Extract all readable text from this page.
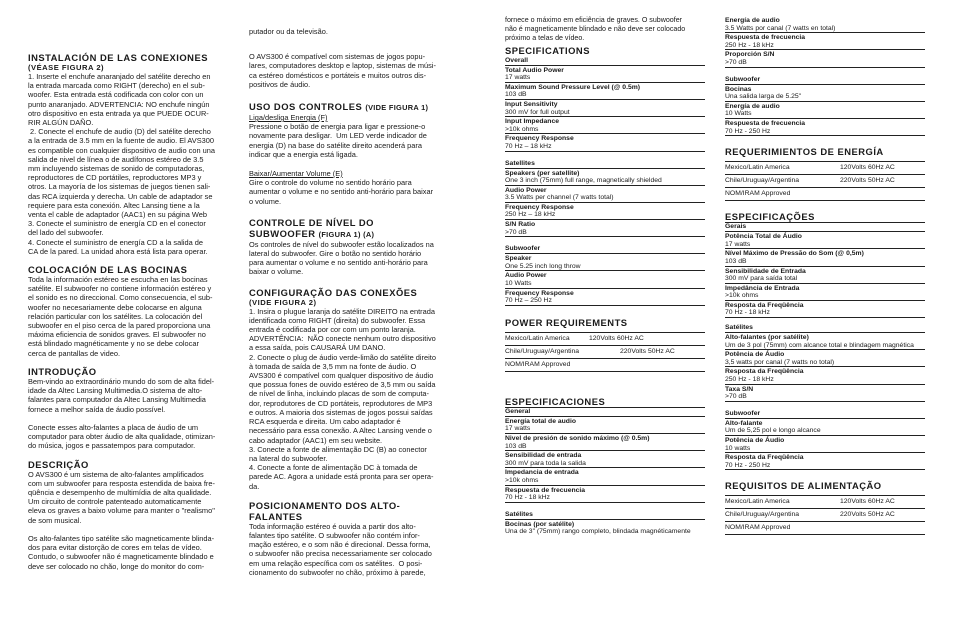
INSTALACIÓN DE LAS CONEXIONES
(VÉASE FIGURA 2)
1. Inserte el enchufe anaranjado del satélite derecho en
la entrada marcada como RIGHT (derecho) en el sub-
woofer. Esta entrada está codificada con color con un
punto anaranjado. ADVERTENCIA: NO enchufe ningún
otro dispositivo en esta entrada ya que PUEDE OCUR-
RIR ALGÚN DAÑO.
2. Conecte el enchufe de audio (D) del satélite derecho
a la entrada de 3.5 mm en la fuente de audio. El AVS300
es compatible con cualquier dispositivo de audio con una
salida de nivel de línea o de audífonos estéreo de 3.5
mm incluyendo sistemas de sonido de computadoras,
reproductores de CD portátiles, reproductores MP3 y
otros. La mayoría de los sistemas de juegos tienen sali-
das RCA izquierda y derecha. Un cable de adaptador se
requiere para esta conexión. Altec Lansing tiene a la
venta el cable de adaptador (AAC1) en su página Web
3. Conecte el suministro de energía CD en el conector
del lado del subwoofer.
4. Conecte el suministro de energía CD a la salida de
CA de la pared. La unidad ahora está lista para operar.
COLOCACIÓN DE LAS BOCINAS
Toda la información estéreo se escucha en las bocinas
satélite. El subwoofer no contiene información estéreo y
el sonido es no direccional. Como consecuencia, el sub-
woofer no necesariamente debe colocarse en alguna
relación particular con los satélites. La colocación del
subwoofer en el piso cerca de la pared proporciona una
máxima eficiencia de sonidos graves. El subwoofer no
está blindado magnéticamente y no se debe colocar
cerca de pantallas de video.
INTRODUÇÃO
Bem-vindo ao extraordinário mundo do som de alta fidel-
idade da Altec Lansing Multimedia.O sistema de alto-
falantes para computador da Altec Lansing Multimedia
fornece a melhor saída de áudio possível.
Conecte esses alto-falantes a placa de áudio de um
computador para obter áudio de alta qualidade, otimizan-
do música, jogos e passatempos para computador.
DESCRIÇÃO
O AVS300 é um sistema de alto-falantes amplificados
com um subwoofer para resposta estendida de baixa fre-
qüência e desempenho de multimídia de alta qualidade.
Um circuito de controle patenteado automaticamente
eleva os graves a baixo volume para manter o "realismo"
de som musical.
Os alto-falantes tipo satélite são magneticamente blinda-
dos para evitar distorção de cores em telas de vídeo.
Contudo, o subwoofer não é magneticamente blindado e
deve ser colocado no chão, longe do monitor do com-

putador ou da televisão.

O AVS300 é compatível com sistemas de jogos popu-
lares, computadores desktop e laptop, sistemas de músi-
ca estéreo domésticos e portáteis e muitos outros dis-
positivos de áudio.
USO DOS CONTROLES (VIDE FIGURA 1)

Liga/desliga Energia (F)

Pressione o botão de energia para ligar e pressione-o
novamente para desligar.  Um LED verde indicador de
energia (D) na base do satélite direito acenderá para
indicar que a energia está ligada.

Baixar/Aumentar Volume (E)

Gire o controle do volume no sentido horário para
aumentar o volume e no sentido anti-horário para baixar
o volume.
CONTROLE DE NÍVEL DO
SUBWOOFER (FIGURA 1) (A)
Os controles de nível do subwoofer estão localizados na
lateral do subwoofer. Gire o botão no sentido horário
para aumentar o volume e no sentido anti-horário para
baixar o volume.
CONFIGURAÇÃO DAS CONEXÕES
(VIDE FIGURA 2)
1. Insira o plugue laranja do satélite DIREITO na entrada
identificada como RIGHT (direita) do subwoofer. Essa
entrada é codificada por cor com um ponto laranja.
ADVERTÊNCIA:  NÃO conecte nenhum outro dispositivo
a essa saída, pois CAUSARÁ UM DANO.
2. Conecte o plug de áudio verde-limão do satélite direito
à tomada de saída de 3,5 mm na fonte de áudio. O
AVS300 é compatível com qualquer dispositivo de áudio
que possua fones de ouvido estéreo de 3,5 mm ou saída
de nível de linha, incluindo placas de som de computa-
dor, reprodutores de CD portáteis, reprodutores de MP3
e outros. A maioria dos sistemas de jogos possui saídas
RCA esquerda e direita. Um cabo adaptador é
necessário para essa conexão. A Altec Lansing vende o
cabo adaptador (AAC1) em seu website.
3. Conecte a fonte de alimentação DC (B) ao conector
na lateral do subwoofer.
4. Conecte a fonte de alimentação DC à tomada de
parede AC. Agora a unidade está pronta para ser opera-
da.
POSICIONAMENTO DOS ALTO-
FALANTES
Toda informação estéreo é ouvida a partir dos alto-
falantes tipo satélite. O subwoofer não contém infor-
mação estéreo, e o som não é direcional. Dessa forma,
o subwoofer não precisa necessariamente ser colocado
em uma relação específica com os satélites.  O posi-
cionamento do subwoofer no chão, próximo à parede,
fornece o máximo em eficiência de graves. O subwoofer
não é magneticamente blindado e não deve ser colocado
próximo a telas de vídeo.
SPECIFICATIONS

Overall

Total Audio Power
17 watts
Maximum Sound Pressure Level (@ 0.5m)
103 dB
Input Sensitivity
300 mV for full output
Input Impedance
>10k ohms
Frequency Response
70 Hz – 18 kHz

Satellites

Speakers (per satellite)
One 3 inch (75mm) full range, magnetically shielded
Audio Power
3.5 Watts per channel (7 watts total)
Frequency Response
250 Hz – 18 kHz
S/N Ratio
>70 dB

Subwoofer

Speaker
One 5.25 inch long throw
Audio Power
10 Watts
Frequency Response
70 Hz – 250 Hz
POWER REQUIREMENTS
Mexico/Latin America	120Volts 60Hz AC
Chile/Uruguay/Argentina	220Volts 50Hz AC
NOM/IRAM Approved
ESPECIFICACIONES

General

Energía total de audio
17 watts
Nivel de presión de sonido máximo (@ 0.5m)
103 dB
Sensibilidad de entrada
300 mV para toda la salida
Impedancia de entrada
>10k ohms
Respuesta de frecuencia
70 Hz - 18 kHz

Satélites

Bocinas (por satélite)
Una de 3" (75mm) rango completo, blindada magnéticamente
Energía de audio
3.5 Watts por canal (7 watts en total)
Respuesta de frecuencia
250 Hz - 18 kHz
Proporción S/N
>70 dB

Subwoofer

Bocinas
Una salida larga de 5.25"
Energía de audio
10 Watts
Respuesta de frecuencia
70 Hz - 250 Hz
REQUERIMIENTOS DE ENERGÍA
Mexico/Latin America	120Volts 60Hz AC
Chile/Uruguay/Argentina	220Volts 50Hz AC
NOM/IRAM Approved
ESPECIFICAÇÕES

Gerais

Potência Total de Áudio
17 watts
Nível Máximo de Pressão do Som (@ 0,5m)
103 dB
Sensibilidade de Entrada
300 mV para saída total
Impedância de Entrada
>10k ohms
Resposta da Freqüência
70 Hz - 18 kHz

Satélites

Alto-falantes (por satélite)
Um de 3 pol (75mm) com alcance total e blindagem magnética
Potência de Áudio
3,5 watts por canal (7 watts no total)
Resposta da Freqüência
250 Hz - 18 kHz
Taxa S/N
>70 dB

Subwoofer

Alto-falante
Um de 5,25 pol e longo alcance
Potência de Áudio
10 watts
Resposta da Freqüência
70 Hz - 250 Hz
REQUISITOS DE ALIMENTAÇÃO
Mexico/Latin America	120Volts 60Hz AC
Chile/Uruguay/Argentina	220Volts 50Hz AC
NOM/IRAM Approved
